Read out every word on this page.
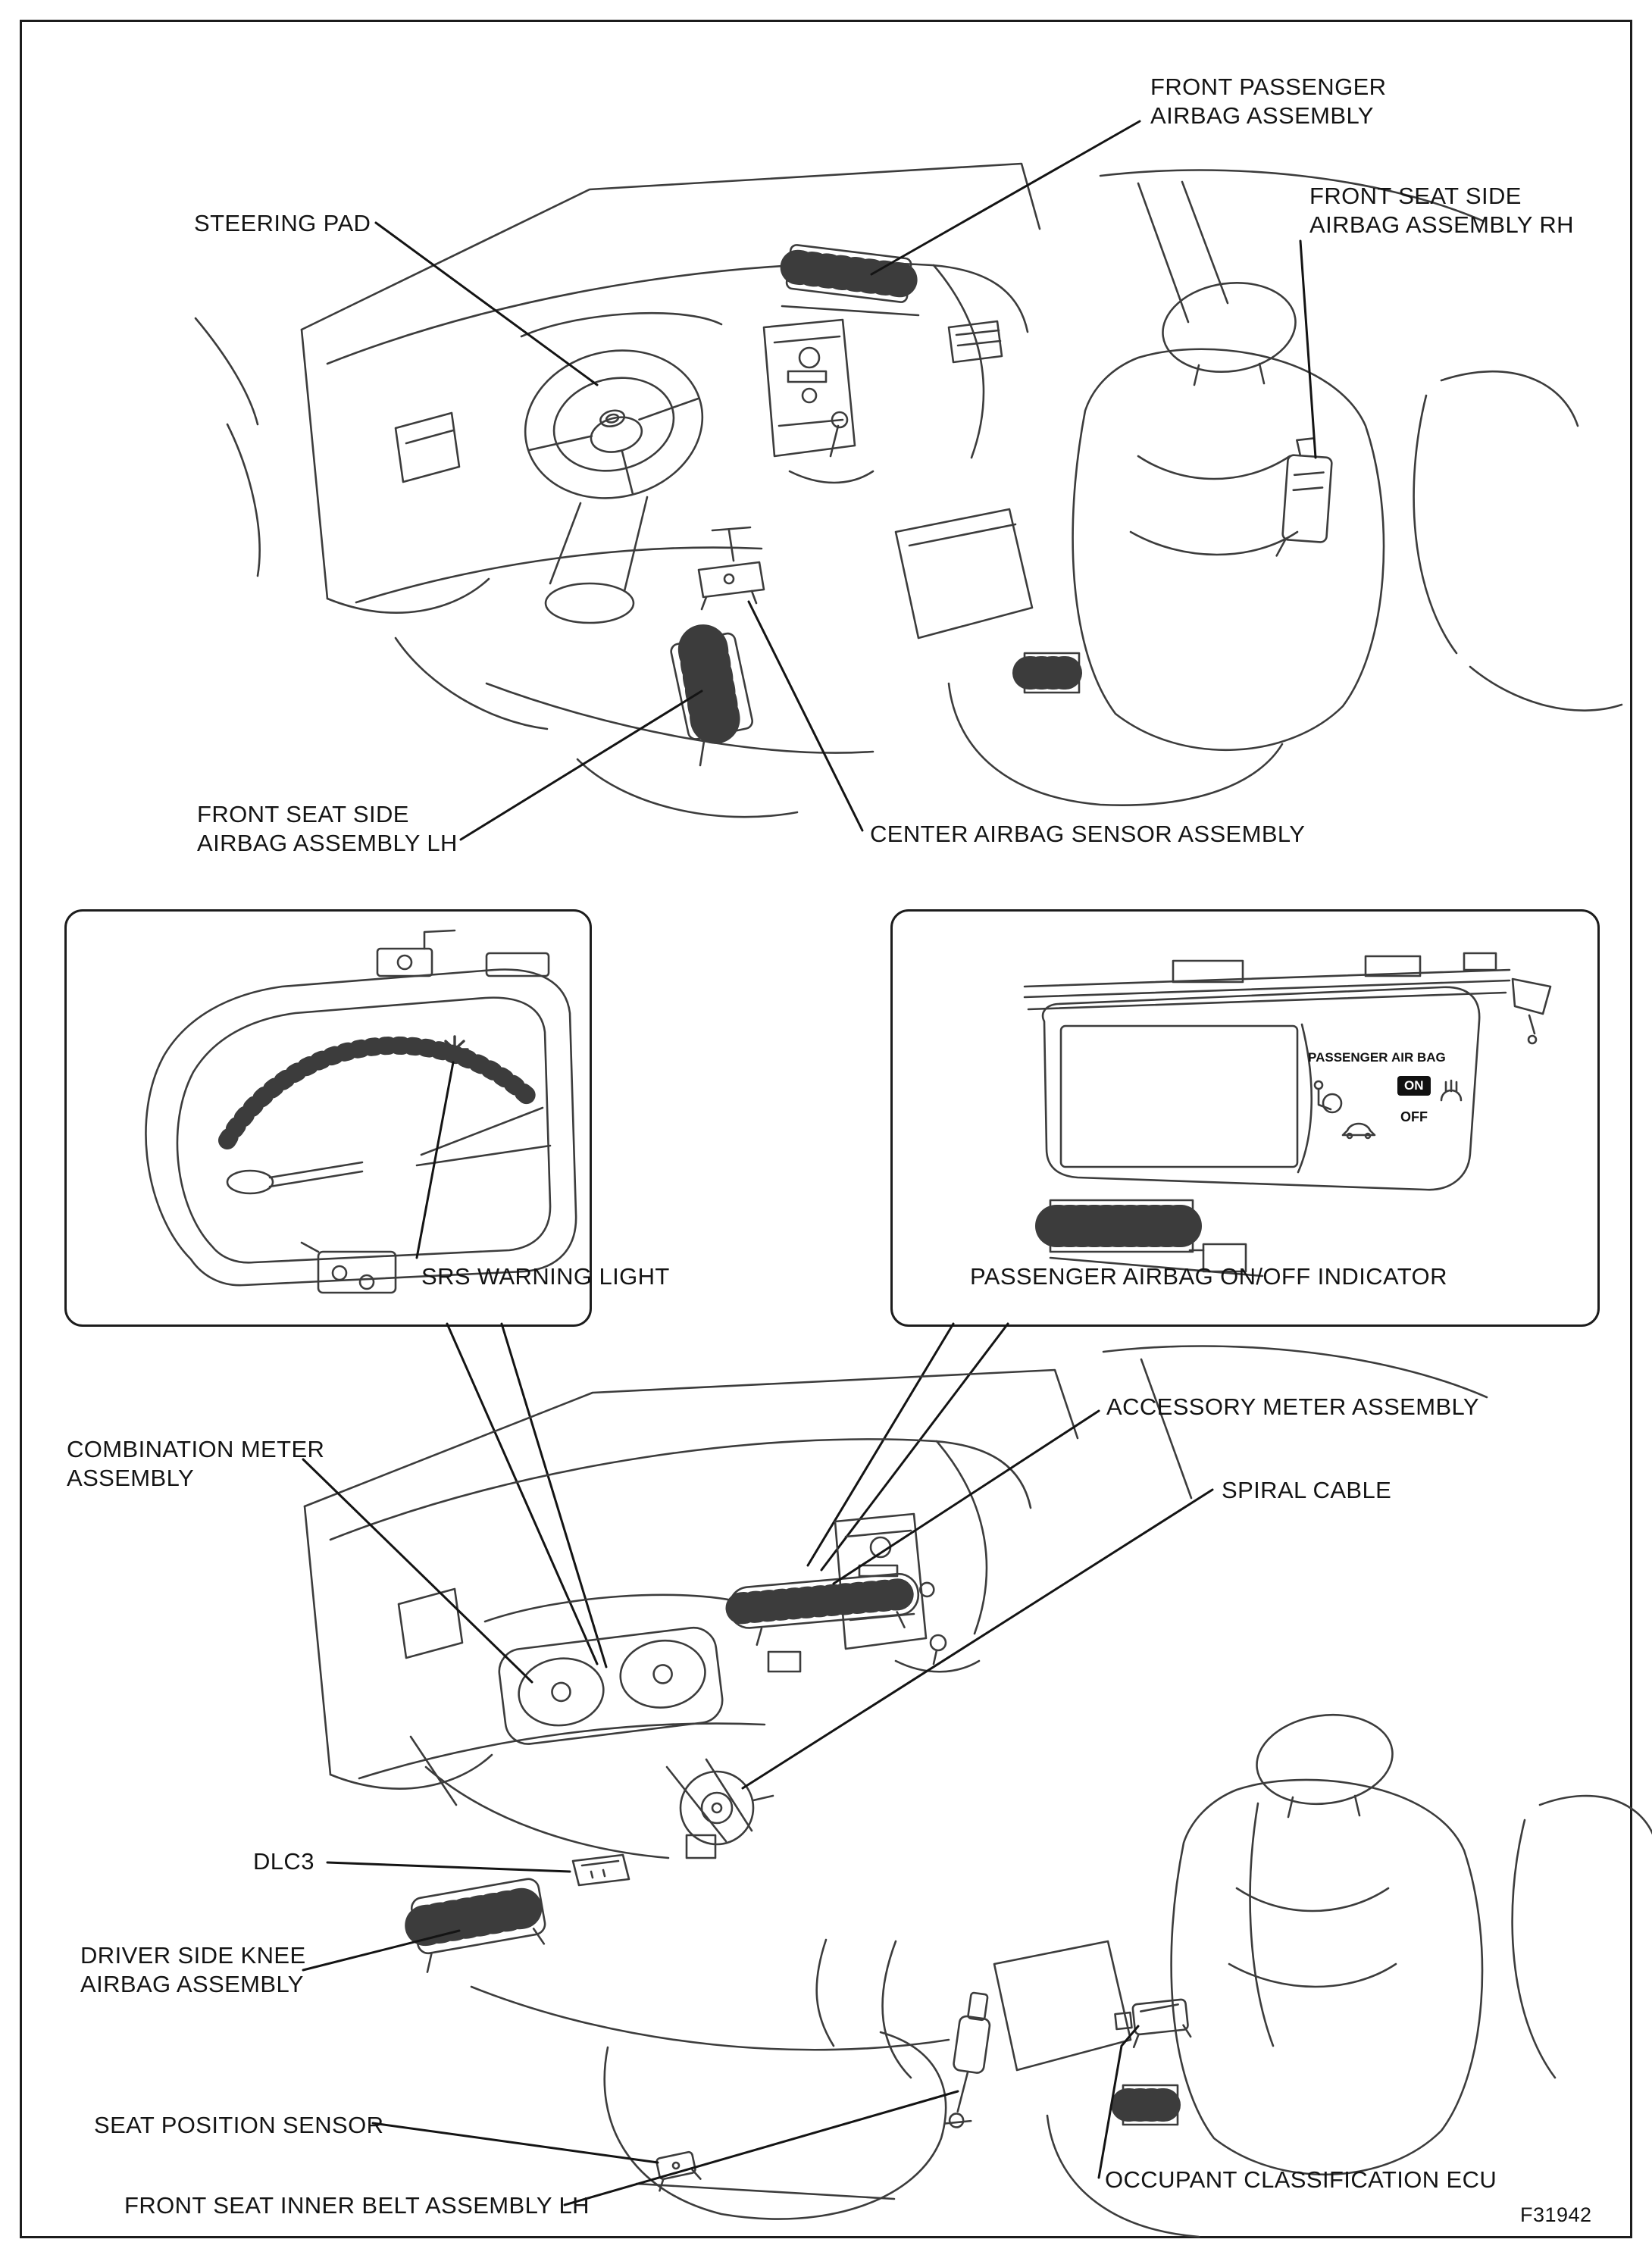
FRONT PASSENGER
AIRBAG ASSEMBLY
STEERING PAD
FRONT SEAT SIDE
AIRBAG ASSEMBLY RH
FRONT SEAT SIDE
AIRBAG ASSEMBLY LH	CENTER AIRBAG SENSOR ASSEMBLY
SRS WARNING LIGHT	PASSENGER AIRBAG ON/OFF INDICATOR
PASSENGER AIR BAG
ON
OFF
ACCESSORY METER ASSEMBLY
COMBINATION METER
ASSEMBLY	SPIRAL CABLE
DLC3
DRIVER SIDE KNEE
AIRBAG ASSEMBLY
SEAT POSITION SENSOR
FRONT SEAT INNER BELT ASSEMBLY LH
OCCUPANT CLASSIFICATION ECU
F31942
